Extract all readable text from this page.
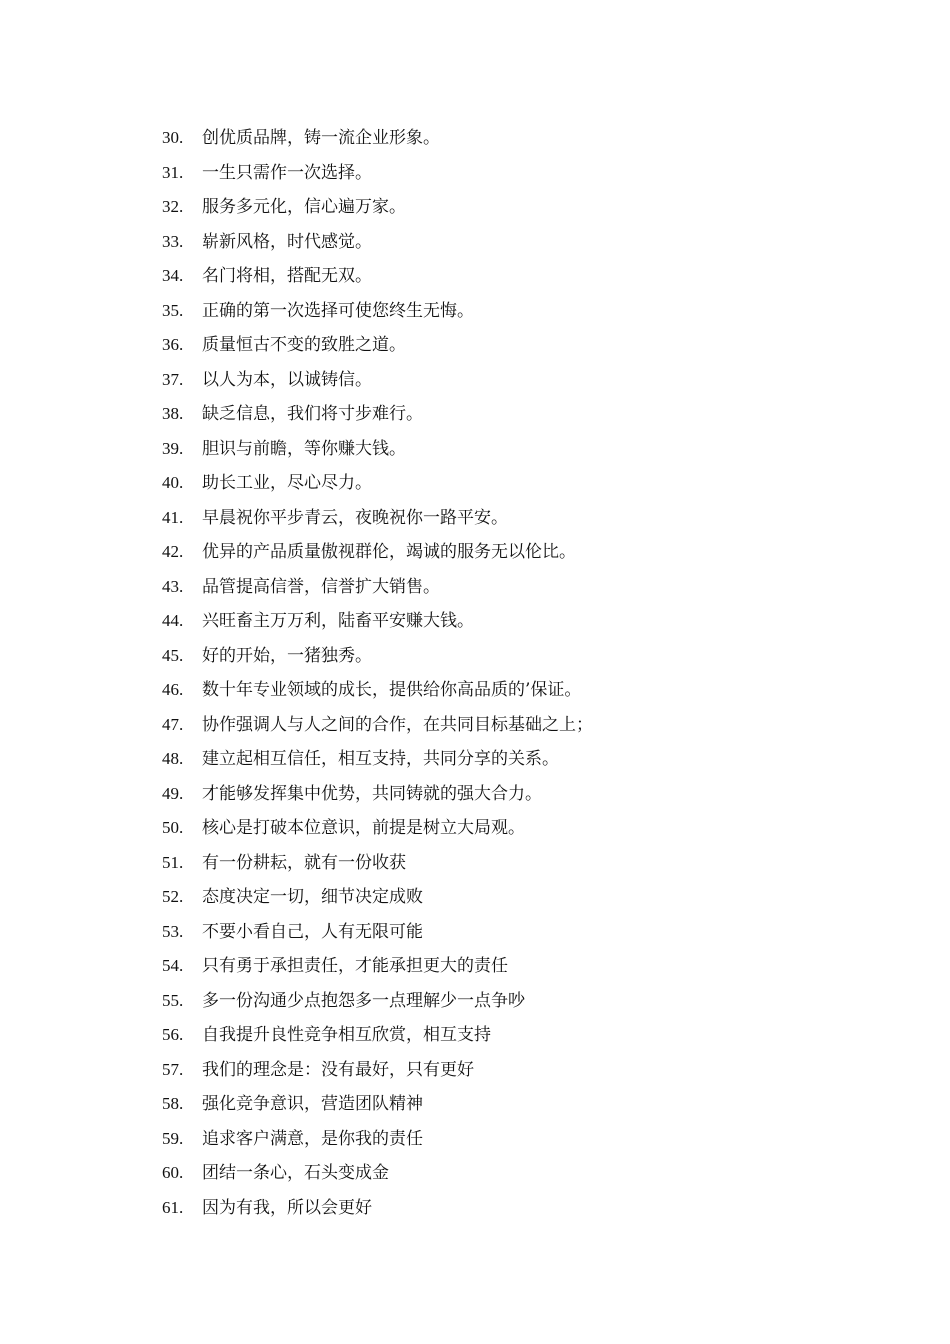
30.	创优质品牌，铸一流企业形象。
31.	一生只需作一次选择。
32.	服务多元化，信心遍万家。
33.	崭新风格，时代感觉。
34.	名门将相，搭配无双。
35.	正确的第一次选择可使您终生无悔。
36.	质量恒古不变的致胜之道。
37.	以人为本，以诚铸信。
38.	缺乏信息，我们将寸步难行。
39.	胆识与前瞻，等你赚大钱。
40.	助长工业，尽心尽力。
41.	早晨祝你平步青云，夜晚祝你一路平安。
42.	优异的产品质量傲视群伦，竭诚的服务无以伦比。
43.	品管提高信誉，信誉扩大销售。
44.	兴旺畜主万万利，陆畜平安赚大钱。
45.	好的开始，一猪独秀。
46.	数十年专业领域的成长，提供给你高品质的’保证。
47.	协作强调人与人之间的合作，在共同目标基础之上；
48.	建立起相互信任，相互支持，共同分享的关系。
49.	才能够发挥集中优势，共同铸就的强大合力。
50.	核心是打破本位意识，前提是树立大局观。
51.	有一份耕耘，就有一份收获
52.	态度决定一切，细节决定成败
53.	不要小看自己，人有无限可能
54.	只有勇于承担责任，才能承担更大的责任
55.	多一份沟通少点抱怨多一点理解少一点争吵
56.	自我提升良性竞争相互欣赏，相互支持
57.	我们的理念是：没有最好，只有更好
58.	强化竞争意识，营造团队精神
59.	追求客户满意，是你我的责任
60.	团结一条心，石头变成金
61.	因为有我，所以会更好
